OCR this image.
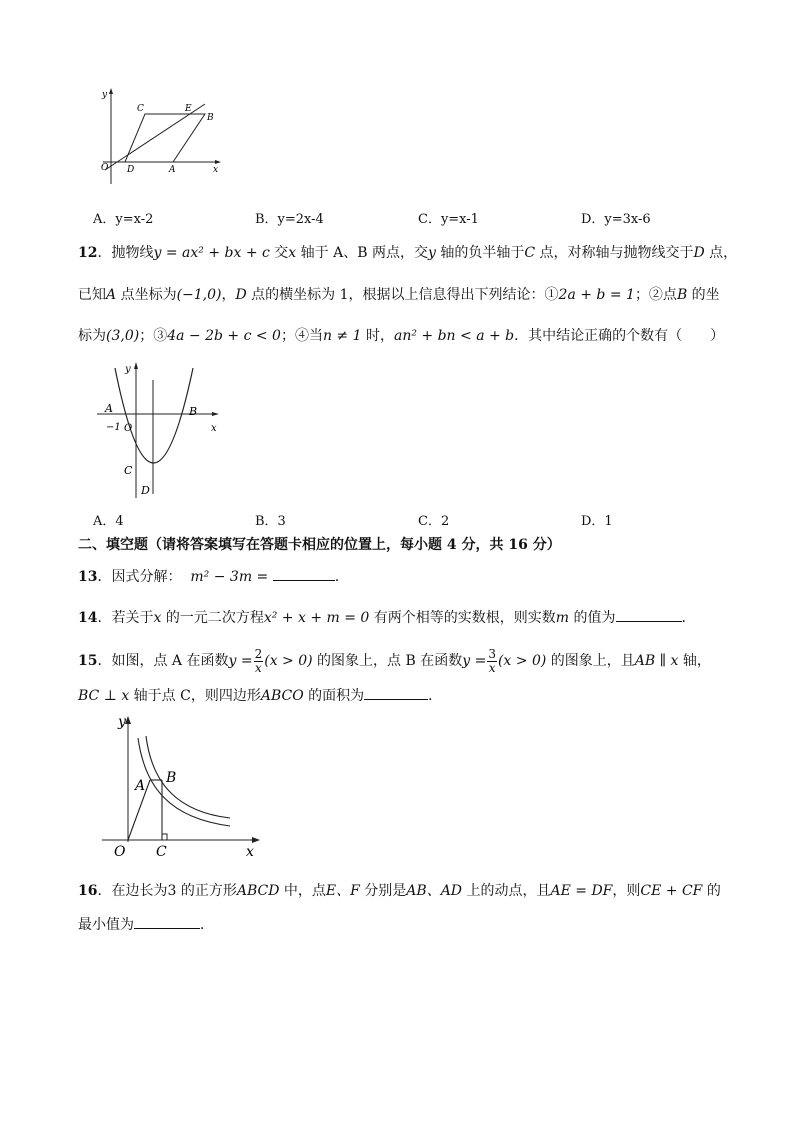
y
x
O
C	E
B
D	A
A．y=x-2	B．y=2x-4	C．y=x-1	D．y=3x-6
12．抛物线y = ax² + bx + c 交x 轴于 A、B 两点，交y 轴的负半轴于C 点，对称轴与抛物线交于D 点，
已知A 点坐标为(−1,0)，D 点的横坐标为 1，根据以上信息得出下列结论：①2a + b = 1；②点B 的坐
标为(3,0)；③4a − 2b + c < 0；④当n ≠ 1 时，an² + bn < a + b．其中结论正确的个数有（　　）
y
x
A	B
−1 O
C
D
A．4	B．3	C．2	D．1
二、填空题（请将答案填写在答题卡相应的位置上，每小题 4 分，共 16 分）
13．因式分解： m² − 3m =	.
14．若关于x 的一元二次方程x² + x + m = 0 有两个相等的实数根，则实数m 的值为	．
15．如图，点 A 在函数$y = \frac{2}{x} (x > 0)$ 的图象上，点 B 在函数$y = \frac{3}{x} (x > 0)$ 的图象上，且AB ∥ x 轴，
BC ⊥ x 轴于点 C，则四边形ABCO 的面积为	．
y
x
O
A B
C
16．在边长为3 的正方形ABCD 中，点E、F 分别是AB、AD 上的动点，且AE = DF，则CE + CF 的
最小值为	．
